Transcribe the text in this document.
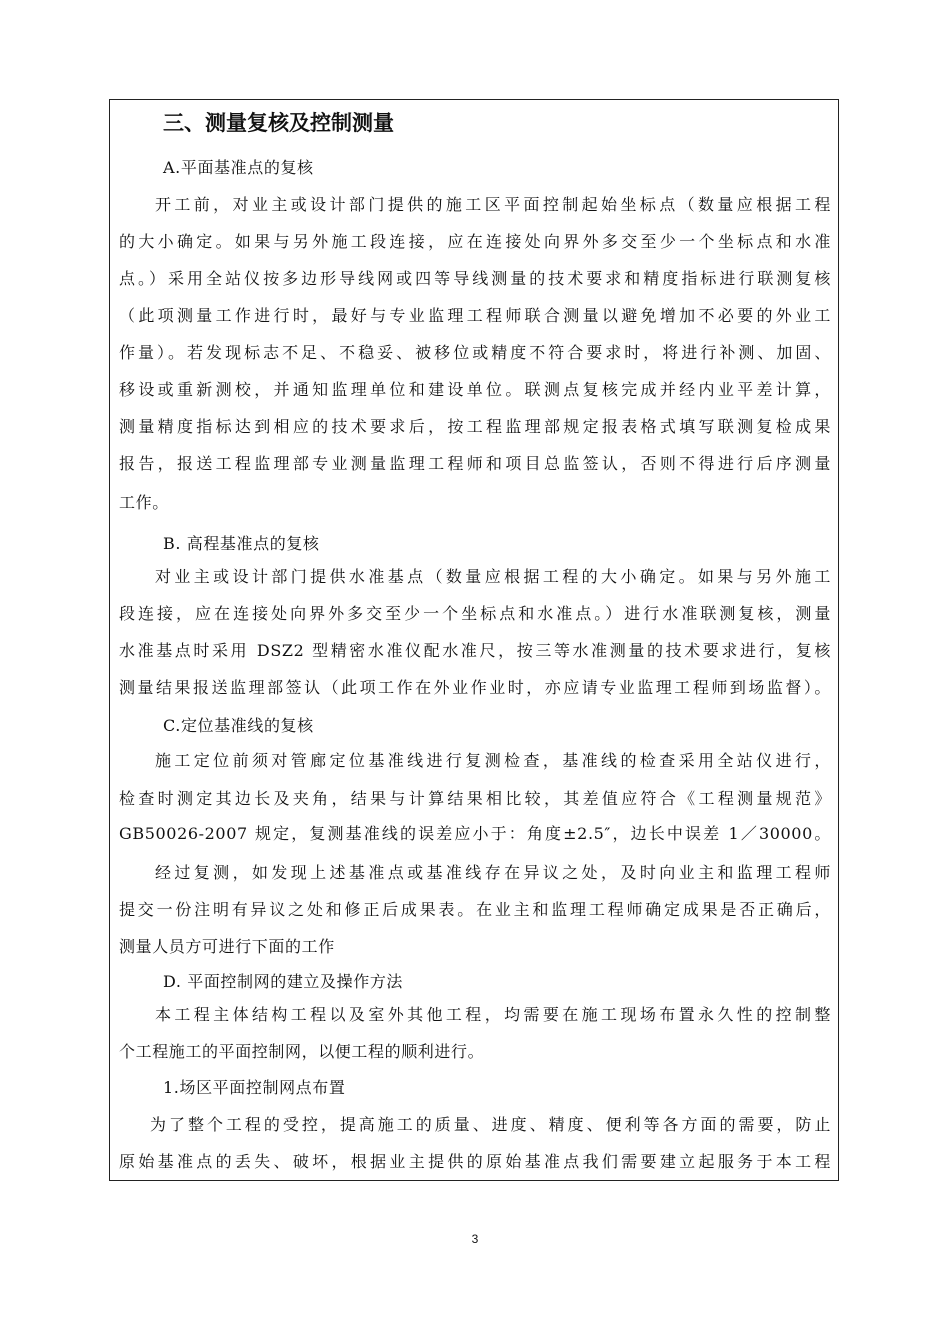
三、测量复核及控制测量
A.平面基准点的复核
开工前，对业主或设计部门提供的施工区平面控制起始坐标点（数量应根据工程
的大小确定。如果与另外施工段连接，应在连接处向界外多交至少一个坐标点和水准
点。）采用全站仪按多边形导线网或四等导线测量的技术要求和精度指标进行联测复核
（此项测量工作进行时，最好与专业监理工程师联合测量以避免增加不必要的外业工
作量）。若发现标志不足、不稳妥、被移位或精度不符合要求时，将进行补测、加固、
移设或重新测校，并通知监理单位和建设单位。联测点复核完成并经内业平差计算，
测量精度指标达到相应的技术要求后，按工程监理部规定报表格式填写联测复检成果
报告，报送工程监理部专业测量监理工程师和项目总监签认，否则不得进行后序测量
工作。
B. 高程基准点的复核
对业主或设计部门提供水准基点（数量应根据工程的大小确定。如果与另外施工
段连接，应在连接处向界外多交至少一个坐标点和水准点。）进行水准联测复核，测量
水准基点时采用 DSZ2 型精密水准仪配水准尺，按三等水准测量的技术要求进行，复核
测量结果报送监理部签认（此项工作在外业作业时，亦应请专业监理工程师到场监督）。
C.定位基准线的复核
施工定位前须对管廊定位基准线进行复测检查，基准线的检查采用全站仪进行，
检查时测定其边长及夹角，结果与计算结果相比较，其差值应符合《工程测量规范》
GB50026-2007 规定，复测基准线的误差应小于：角度±2.5″，边长中误差 1／30000。
经过复测，如发现上述基准点或基准线存在异议之处，及时向业主和监理工程师
提交一份注明有异议之处和修正后成果表。在业主和监理工程师确定成果是否正确后，
测量人员方可进行下面的工作
D. 平面控制网的建立及操作方法
本工程主体结构工程以及室外其他工程，均需要在施工现场布置永久性的控制整
个工程施工的平面控制网，以便工程的顺利进行。
1.场区平面控制网点布置
为了整个工程的受控，提高施工的质量、进度、精度、便利等各方面的需要，防止
原始基准点的丢失、破坏，根据业主提供的原始基准点我们需要建立起服务于本工程
3
